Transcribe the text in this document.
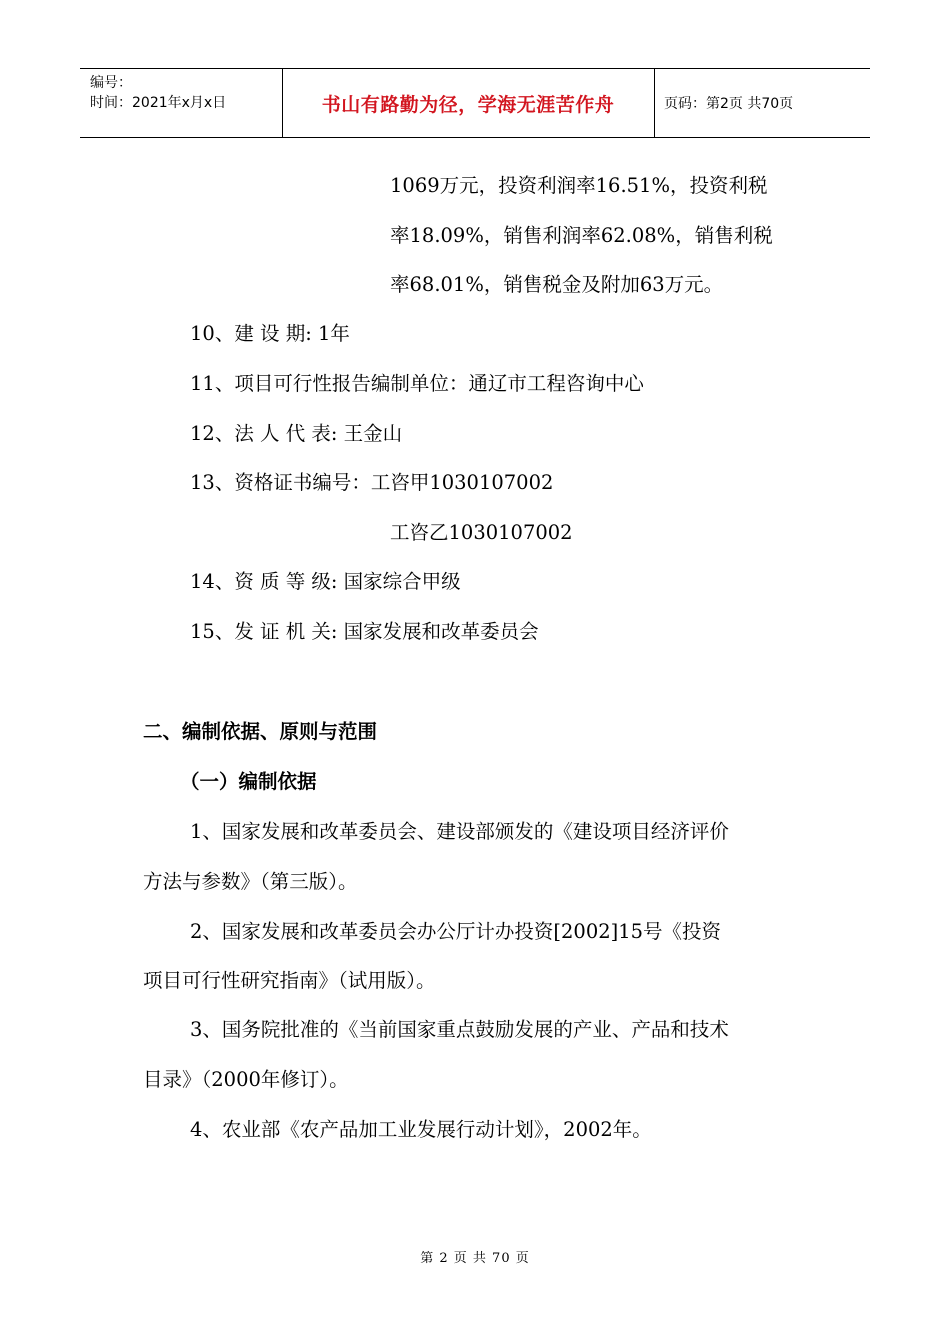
编号：
时间：2021年x月x日	书山有路勤为径，学海无涯苦作舟	页码：第2页 共70页
1069万元，投资利润率16.51%，投资利税
率18.09%，销售利润率62.08%，销售利税
率68.01%，销售税金及附加63万元。
10、建 设 期: 1年
11、项目可行性报告编制单位：通辽市工程咨询中心
12、法 人 代 表: 王金山
13、资格证书编号：工咨甲1030107002
工咨乙1030107002
14、资 质 等 级: 国家综合甲级
15、发 证 机 关: 国家发展和改革委员会
二、编制依据、原则与范围
（一）编制依据
1、国家发展和改革委员会、建设部颁发的《建设项目经济评价
方法与参数》（第三版）。
2、国家发展和改革委员会办公厅计办投资[2002]15号《投资
项目可行性研究指南》（试用版）。
3、国务院批准的《当前国家重点鼓励发展的产业、产品和技术
目录》（2000年修订）。
4、农业部《农产品加工业发展行动计划》，2002年。
第 2 页 共 70 页
